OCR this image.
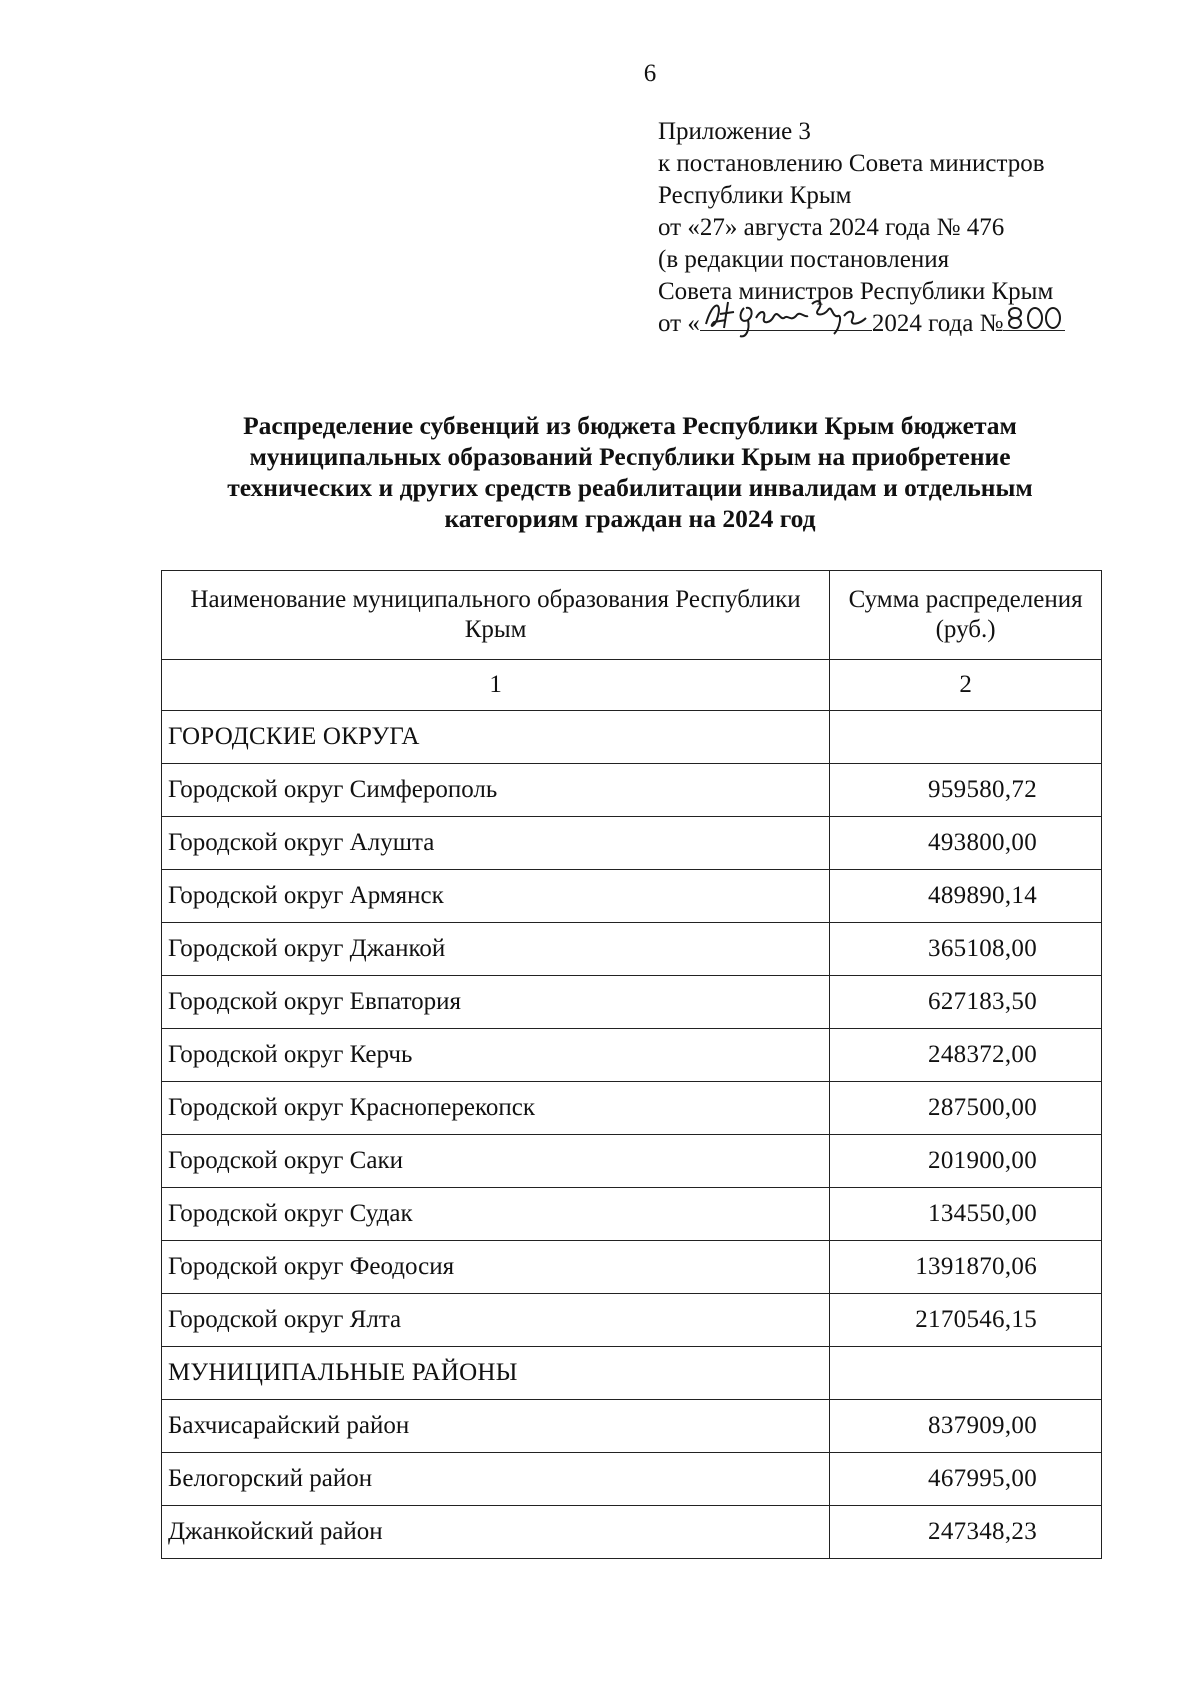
6
Приложение 3
к постановлению Совета министров
Республики Крым
от «27» августа 2024 года № 476
(в редакции постановления
Совета министров Республики Крым
от «	2024 года №
Распределение субвенций из бюджета Республики Крым бюджетам
муниципальных образований Республики Крым на приобретение
технических и других средств реабилитации инвалидам и отдельным
категориям граждан на 2024 год
Наименование муниципального образования Республики Крым	Сумма распределения (руб.)
1	2
ГОРОДСКИЕ ОКРУГА	
Городской округ Симферополь	959580,72
Городской округ Алушта	493800,00
Городской округ Армянск	489890,14
Городской округ Джанкой	365108,00
Городской округ Евпатория	627183,50
Городской округ Керчь	248372,00
Городской округ Красноперекопск	287500,00
Городской округ Саки	201900,00
Городской округ Судак	134550,00
Городской округ Феодосия	1391870,06
Городской округ Ялта	2170546,15
МУНИЦИПАЛЬНЫЕ РАЙОНЫ	
Бахчисарайский район	837909,00
Белогорский район	467995,00
Джанкойский район	247348,23
